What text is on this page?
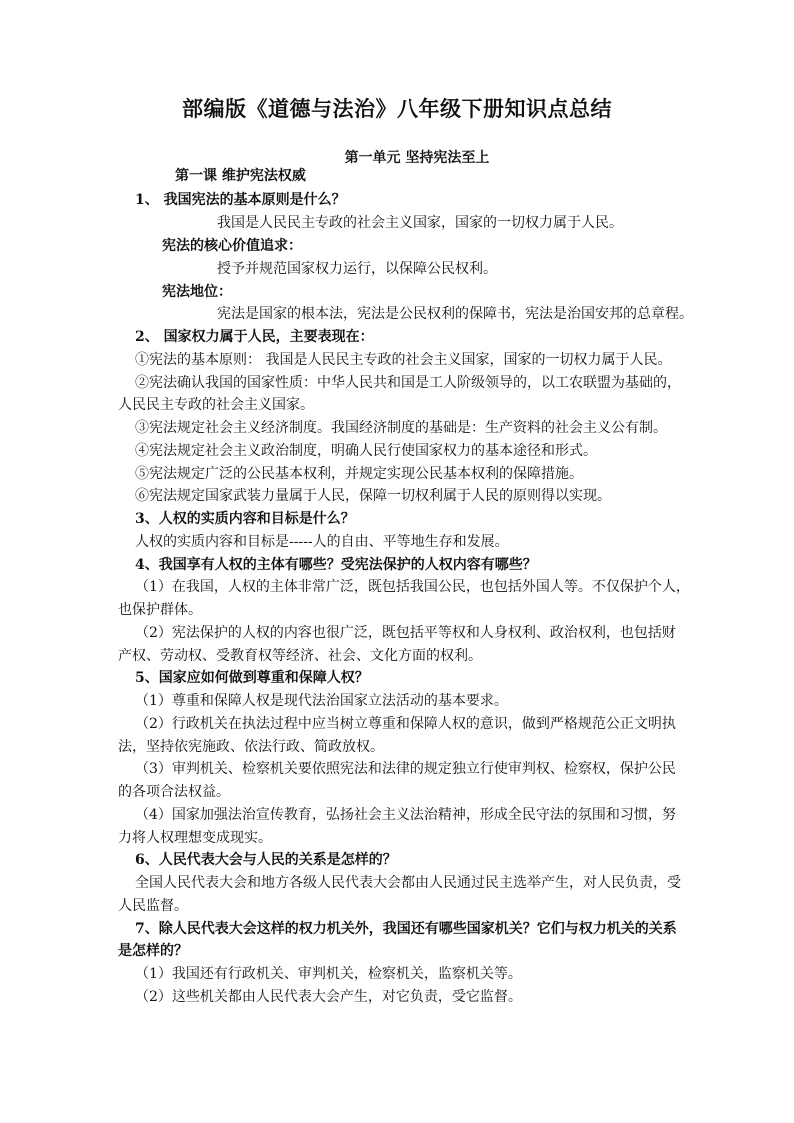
部编版《道德与法治》八年级下册知识点总结
第一单元 坚持宪法至上
第一课 维护宪法权威
1、 我国宪法的基本原则是什么？
我国是人民民主专政的社会主义国家，国家的一切权力属于人民。
宪法的核心价值追求：
授予并规范国家权力运行，以保障公民权利。
宪法地位：
宪法是国家的根本法，宪法是公民权利的保障书，宪法是治国安邦的总章程。
2、 国家权力属于人民，主要表现在：
①宪法的基本原则： 我国是人民民主专政的社会主义国家，国家的一切权力属于人民。
②宪法确认我国的国家性质：中华人民共和国是工人阶级领导的，以工农联盟为基础的，
人民民主专政的社会主义国家。
③宪法规定社会主义经济制度。我国经济制度的基础是：生产资料的社会主义公有制。
④宪法规定社会主义政治制度，明确人民行使国家权力的基本途径和形式。
⑤宪法规定广泛的公民基本权利，并规定实现公民基本权利的保障措施。
⑥宪法规定国家武装力量属于人民，保障一切权利属于人民的原则得以实现。
3、人权的实质内容和目标是什么？
人权的实质内容和目标是-----人的自由、平等地生存和发展。
4、我国享有人权的主体有哪些？受宪法保护的人权内容有哪些？
（1）在我国，人权的主体非常广泛，既包括我国公民，也包括外国人等。不仅保护个人，
也保护群体。
（2）宪法保护的人权的内容也很广泛，既包括平等权和人身权利、政治权利，也包括财
产权、劳动权、受教育权等经济、社会、文化方面的权利。
5、国家应如何做到尊重和保障人权？
（1）尊重和保障人权是现代法治国家立法活动的基本要求。
（2）行政机关在执法过程中应当树立尊重和保障人权的意识，做到严格规范公正文明执
法，坚持依宪施政、依法行政、简政放权。
（3）审判机关、检察机关要依照宪法和法律的规定独立行使审判权、检察权，保护公民
的各项合法权益。
（4）国家加强法治宣传教育，弘扬社会主义法治精神，形成全民守法的氛围和习惯，努
力将人权理想变成现实。
6、人民代表大会与人民的关系是怎样的？
全国人民代表大会和地方各级人民代表大会都由人民通过民主选举产生，对人民负责，受
人民监督。
7、除人民代表大会这样的权力机关外，我国还有哪些国家机关？它们与权力机关的关系
是怎样的？
（1）我国还有行政机关、审判机关，检察机关，监察机关等。
（2）这些机关都由人民代表大会产生，对它负责，受它监督。
